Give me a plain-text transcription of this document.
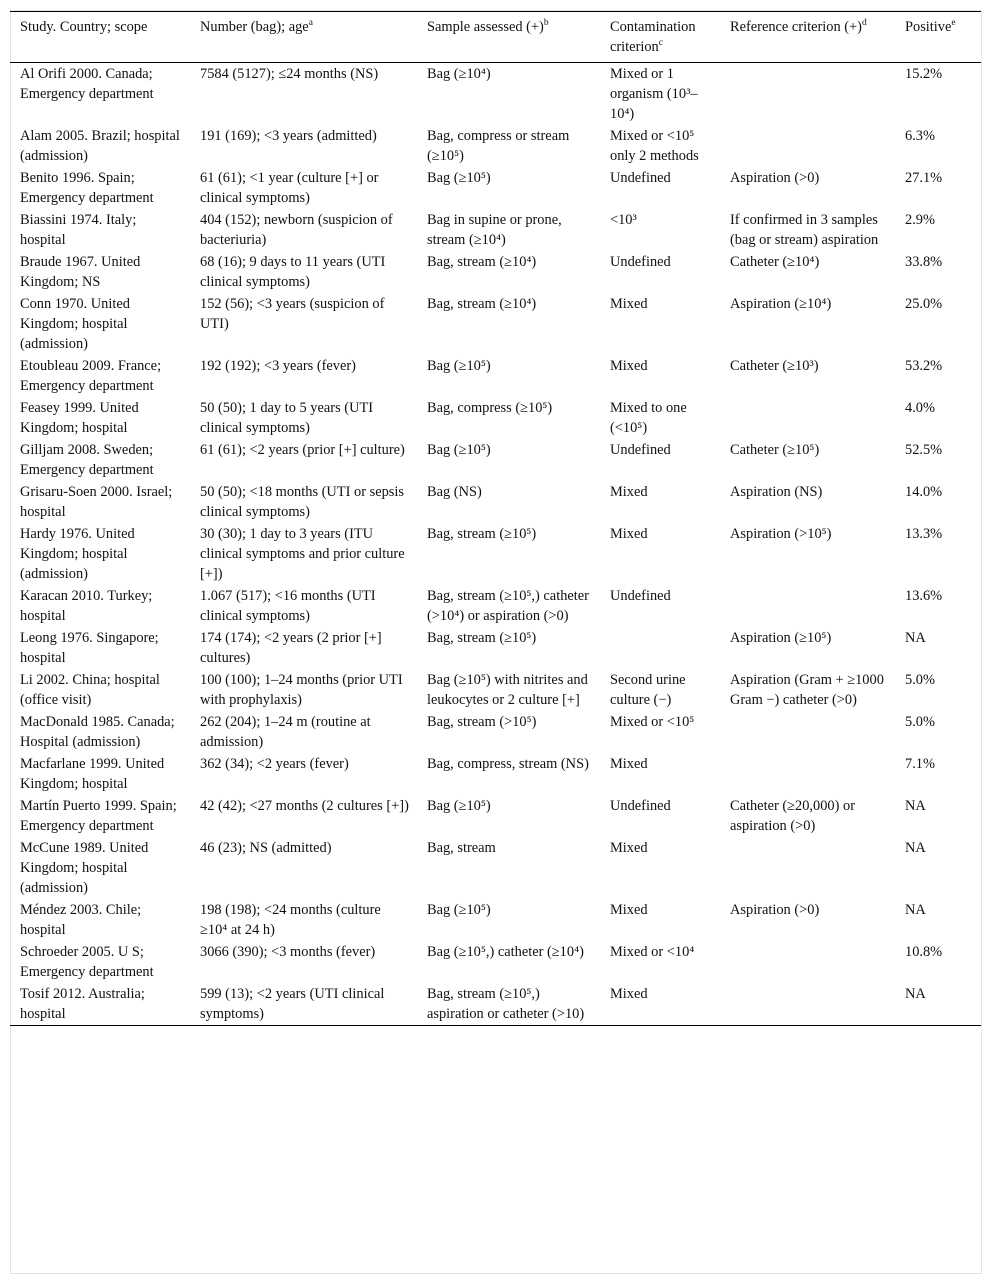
Study. Country; scope	Number (bag); age$^a$	Sample assessed $(+)^b$	Contamination criterion$^c$	Reference criterion $(+)^d$	Positive$^e$
Al Orifi 2000. Canada; Emergency department	7584 (5127); ≤24 months (NS)	Bag (≥10⁴)	Mixed or 1 organism (10³–10⁴)		15.2%
Alam 2005. Brazil; hospital (admission)	191 (169); <3 years (admitted)	Bag, compress or stream (≥10⁵)	Mixed or <10⁵ only 2 methods		6.3%
Benito 1996. Spain; Emergency department	61 (61); <1 year (culture [+] or clinical symptoms)	Bag (≥10⁵)	Undefined	Aspiration (>0)	27.1%
Biassini 1974. Italy; hospital	404 (152); newborn (suspicion of bacteriuria)	Bag in supine or prone, stream (≥10⁴)	<10³	If confirmed in 3 samples (bag or stream) aspiration	2.9%
Braude 1967. United Kingdom; NS	68 (16); 9 days to 11 years (UTI clinical symptoms)	Bag, stream (≥10⁴)	Undefined	Catheter (≥10⁴)	33.8%
Conn 1970. United Kingdom; hospital (admission)	152 (56); <3 years (suspicion of UTI)	Bag, stream (≥10⁴)	Mixed	Aspiration (≥10⁴)	25.0%
Etoubleau 2009. France; Emergency department	192 (192); <3 years (fever)	Bag (≥10⁵)	Mixed	Catheter (≥10³)	53.2%
Feasey 1999. United Kingdom; hospital	50 (50); 1 day to 5 years (UTI clinical symptoms)	Bag, compress (≥10⁵)	Mixed to one (<10⁵)		4.0%
Gilljam 2008. Sweden; Emergency department	61 (61); <2 years (prior [+] culture)	Bag (≥10⁵)	Undefined	Catheter (≥10⁵)	52.5%
Grisaru-Soen 2000. Israel; hospital	50 (50); <18 months (UTI or sepsis clinical symptoms)	Bag (NS)	Mixed	Aspiration (NS)	14.0%
Hardy 1976. United Kingdom; hospital (admission)	30 (30); 1 day to 3 years (ITU clinical symptoms and prior culture [+])	Bag, stream (≥10⁵)	Mixed	Aspiration (>10⁵)	13.3%
Karacan 2010. Turkey; hospital	1.067 (517); <16 months (UTI clinical symptoms)	Bag, stream (≥10⁵,) catheter (>10⁴) or aspiration (>0)	Undefined		13.6%
Leong 1976. Singapore; hospital	174 (174); <2 years (2 prior [+] cultures)	Bag, stream (≥10⁵)		Aspiration (≥10⁵)	NA
Li 2002. China; hospital (office visit)	100 (100); 1–24 months (prior UTI with prophylaxis)	Bag (≥10⁵) with nitrites and leukocytes or 2 culture [+]	Second urine culture (−)	Aspiration (Gram + ≥1000 Gram −) catheter (>0)	5.0%
MacDonald 1985. Canada; Hospital (admission)	262 (204); 1–24 m (routine at admission)	Bag, stream (>10⁵)	Mixed or <10⁵		5.0%
Macfarlane 1999. United Kingdom; hospital	362 (34); <2 years (fever)	Bag, compress, stream (NS)	Mixed		7.1%
Martín Puerto 1999. Spain; Emergency department	42 (42); <27 months (2 cultures [+])	Bag (≥10⁵)	Undefined	Catheter (≥20,000) or aspiration (>0)	NA
McCune 1989. United Kingdom; hospital (admission)	46 (23); NS (admitted)	Bag, stream	Mixed		NA
Méndez 2003. Chile; hospital	198 (198); <24 months (culture ≥10⁴ at 24 h)	Bag (≥10⁵)	Mixed	Aspiration (>0)	NA
Schroeder 2005. U S; Emergency department	3066 (390); <3 months (fever)	Bag (≥10⁵,) catheter (≥10⁴)	Mixed or <10⁴		10.8%
Tosif 2012. Australia; hospital	599 (13); <2 years (UTI clinical symptoms)	Bag, stream (≥10⁵,) aspiration or catheter (>10)	Mixed		NA
